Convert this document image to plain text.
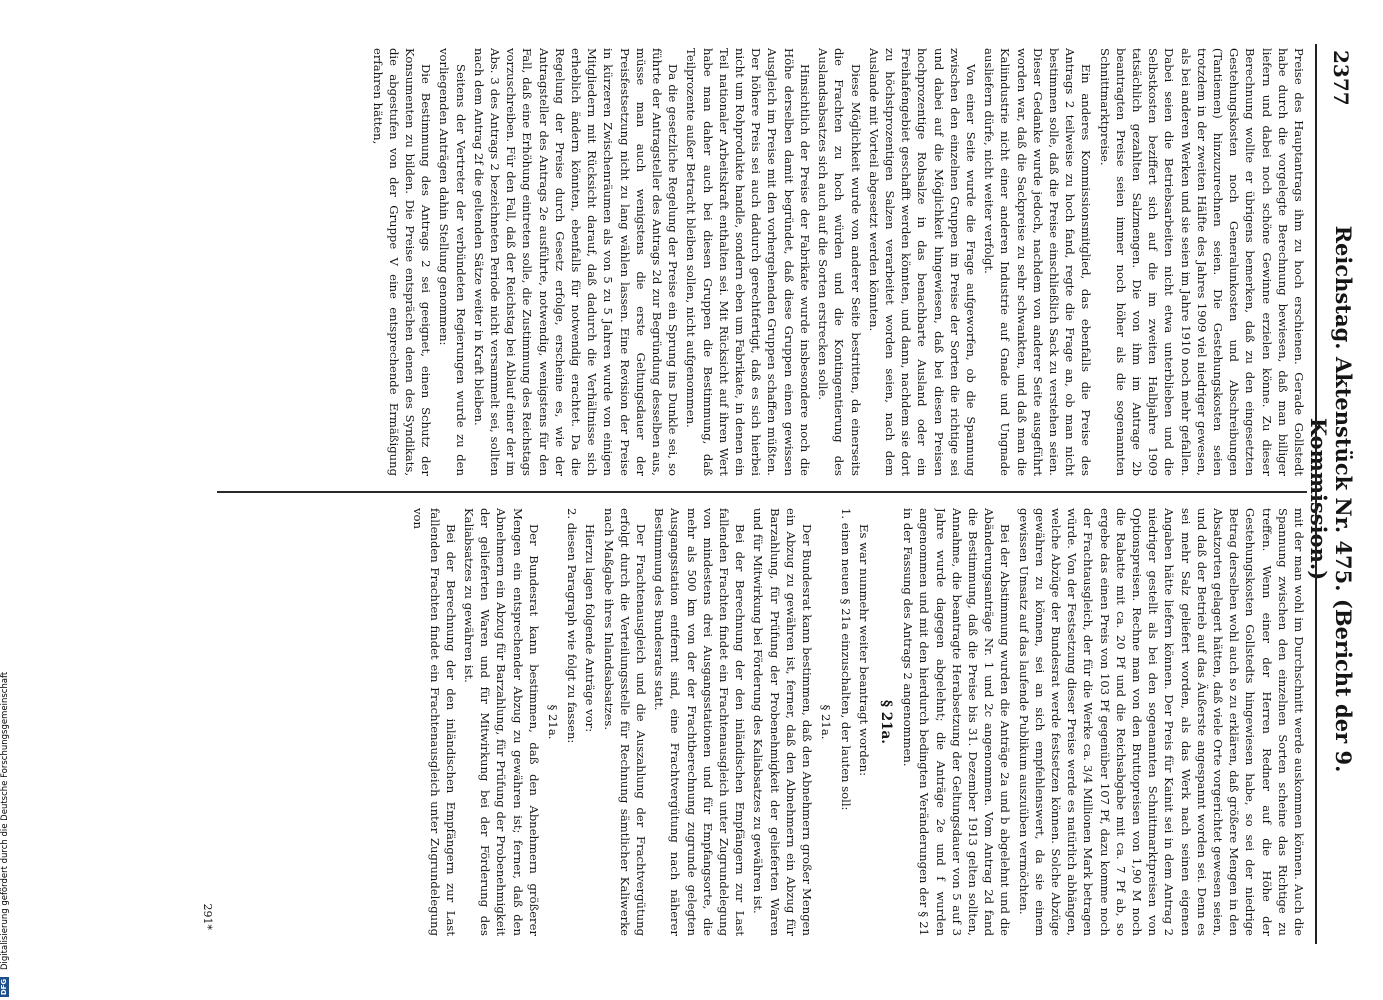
2377
Reichstag. Aktenstück Nr. 475. (Bericht der 9. Kommission.)

Preise des Hauptantrags ihm zu hoch erschienen. Gerade Gollstedt habe durch die vorgelegte Berechnung bewiesen, daß man billiger liefern und dabei noch schöne Gewinne erzielen könne. Zu dieser Berechnung wollte er übrigens bemerken, daß zu den eingesetzten Gestehungskosten noch Generalunkosten und Abschreibungen (Tantiemen) hinzuzurechnen seien. Die Gestehungskosten seien trotzdem in der zweiten Hälfte des Jahres 1909 viel niedriger gewesen, als bei anderen Werken und sie seien im Jahre 1910 noch mehr gefallen. Dabei seien die Betriebsarbeiten nicht etwa unterblieben und die Selbstkosten beziffert sich auf die im zweiten Halbjahre 1909 tatsächlich gezahlten Salzmengen. Die von ihm im Antrage 2b beantragten Preise seien immer noch höher als die sogenannten Schnittmarktpreise.

Ein anderes Kommissionsmitglied, das ebenfalls die Preise des Antrags 2 teilweise zu hoch fand, regte die Frage an, ob man nicht bestimmen solle, daß die Preise einschließlich Sack zu verstehen seien. Dieser Gedanke wurde jedoch, nachdem von anderer Seite ausgeführt worden war, daß die Sackpreise zu sehr schwankten, und daß man die Kaliindustrie nicht einer anderen Industrie auf Gnade und Ungnade ausliefern dürfe, nicht weiter verfolgt.

Von einer Seite wurde die Frage aufgeworfen, ob die Spannung zwischen den einzelnen Gruppen im Preise der Sorten die richtige sei und dabei auf die Möglichkeit hingewiesen, daß bei diesen Preisen hochprozentige Rohsalze in das benachbarte Ausland oder ein Freihafengebiet geschafft werden könnten, und dann, nachdem sie dort zu höchstprozentigen Salzen verarbeitet worden seien, nach dem Auslande mit Vorteil abgesetzt werden könnten.

Diese Möglichkeit wurde von anderer Seite bestritten, da einerseits die Frachten zu hoch würden und die Kontingentierung des Auslandsabsatzes sich auch auf die Sorten erstrecken solle.

Hinsichtlich der Preise der Fabrikate wurde insbesondere noch die Höhe derselben damit begründet, daß diese Gruppen einen gewissen Ausgleich im Preise mit den vorhergehenden Gruppen schaffen müßten. Der höhere Preis sei auch dadurch gerechtfertigt, daß es sich hierbei nicht um Rohprodukte handle, sondern eben um Fabrikate, in denen ein Teil nationaler Arbeitskraft enthalten sei. Mit Rücksicht auf ihren Wert habe man daher auch bei diesen Gruppen die Bestimmung, daß Teilprozente außer Betracht bleiben sollen, nicht aufgenommen.

Da die gesetzliche Regelung der Preise ein Sprung ins Dunkle sei, so führte der Antragsteller des Antrags 2d zur Begründung desselben aus, müsse man auch wenigstens die erste Geltungsdauer der Preisfestsetzung nicht zu lang wählen lassen. Eine Revision der Preise in kürzeren Zwischenräumen als von 5 zu 5 Jahren wurde von einigen Mitgliedern mit Rücksicht darauf, daß dadurch die Verhältnisse sich erheblich ändern könnten, ebenfalls für notwendig erachtet. Da die Regelung der Preise durch Gesetz erfolge, erscheine es, wie der Antragsteller des Antrags 2e ausführte, notwendig, wenigstens für den Fall, daß eine Erhöhung eintreten solle, die Zustimmung des Reichstags vorzuschreiben. Für den Fall, daß der Reichstag bei Ablauf einer der im Abs. 3 des Antrags 2 bezeichneten Periode nicht versammelt sei, sollten nach dem Antrag 2f die geltenden Sätze weiter in Kraft bleiben.

Seitens der Vertreter der verbündeten Regierungen wurde zu den vorliegenden Anträgen dahin Stellung genommen:

Die Bestimmung des Antrags 2 sei geeignet, einen Schutz der Konsumenten zu bilden. Die Preise entsprächen denen des Syndikats, die abgestufen von der Gruppe V eine entsprechende Ermäßigung erfahren hätten,

mit der man wohl im Durchschnitt werde auskommen können. Auch die Spannung zwischen den einzelnen Sorten scheine das Richtige zu treffen. Wenn einer der Herren Redner auf die Höhe der Gestehungskosten Gollstedts hingewiesen habe, so sei der niedrige Betrag derselben wohl auch so zu erklären, daß größere Mengen in den Absatzorten gelagert hätten, daß viele Orte vorgerichtet gewesen seien, und daß der Betrieb auf das Äußerste angespannt worden sei. Denn es sei mehr Salz geliefert worden, als das Werk nach seinen eigenen Angaben hätte liefern können. Der Preis für Kainit sei in dem Antrag 2 niedriger gestellt als bei den sogenannten Schnittmarktpreisen von Optionspreisen. Rechne man von den Bruttopreisen von 1,90 M noch die Rabatte mit ca. 20 Pf und die Reichsabgabe mit ca. 7 Pf ab, so ergebe das einen Preis von 103 Pf gegenüber 107 Pf, dazu komme noch der Frachtausgleich, der für die Werke ca. 3/4 Millionen Mark betragen würde. Von der Festsetzung dieser Preise werde es natürlich abhängen, welche Abzüge der Bundesrat werde festsetzen können. Solche Abzüge gewähren zu können, sei an sich empfehlenswert, da sie einem gewissen Umsatz auf das laufende Publikum auszuüben vermöchten.

Bei der Abstimmung wurden die Anträge 2a und b abgelehnt und die Abänderungsanträge Nr. 1 und 2c angenommen. Vom Antrag 2d fand die Bestimmung, daß die Preise bis 31. Dezember 1913 gelten sollten, Annahme, die beantragte Herabsetzung der Geltungsdauer von 5 auf 3 Jahre wurde dagegen abgelehnt; die Anträge 2e und f wurden angenommen und mit den hierdurch bedingten Veränderungen der § 21 in der Fassung des Antrags 2 angenommen.

§ 21a.

Es war nunmehr weiter beantragt worden:

1. einen neuen § 21a einzuschalten, der lauten soll:
§ 21a.

Der Bundesrat kann bestimmen, daß den Abnehmern großer Mengen ein Abzug zu gewähren ist, ferner, daß den Abnehmern ein Abzug für Barzahlung, für Prüfung der Probenehmigkeit der gelieferten Waren und für Mitwirkung bei Förderung des Kaliabsatzes zu gewähren ist.

Bei der Berechnung der den inländischen Empfängern zur Last fallenden Frachten findet ein Frachtenausgleich unter Zugrundelegung von mindestens drei Ausgangsstationen und für Empfangsorte, die mehr als 500 km von der der Frachtberechnung zugrunde gelegten Ausgangsstation entfernt sind, eine Frachtvergütung nach näherer Bestimmung des Bundesrats statt.

Der Frachtenausgleich und die Auszahlung der Frachtvergütung erfolgt durch die Verteilungsstelle für Rechnung sämtlicher Kaliwerke nach Maßgabe ihres Inlandsabsatzes.

Hierzu lagen folgende Anträge vor:

2. diesen Paragraph wie folgt zu fassen:
§ 21a.

Der Bundesrat kann bestimmen, daß den Abnehmern größerer Mengen ein entsprechender Abzug zu gewähren ist; ferner, daß den Abnehmern ein Abzug für Barzahlung, für Prüfung der Probenehmigkeit der gelieferten Waren und für Mitwirkung bei der Förderung des Kaliabsatzes zu gewähren ist.

Bei der Berechnung der den inländischen Empfängern zur Last fallenden Frachten findet ein Frachtenausgleich unter Zugrundelegung von

291*
DFG
Digitalisierung gefördert durch die Deutsche Forschungsgemeinschaft
